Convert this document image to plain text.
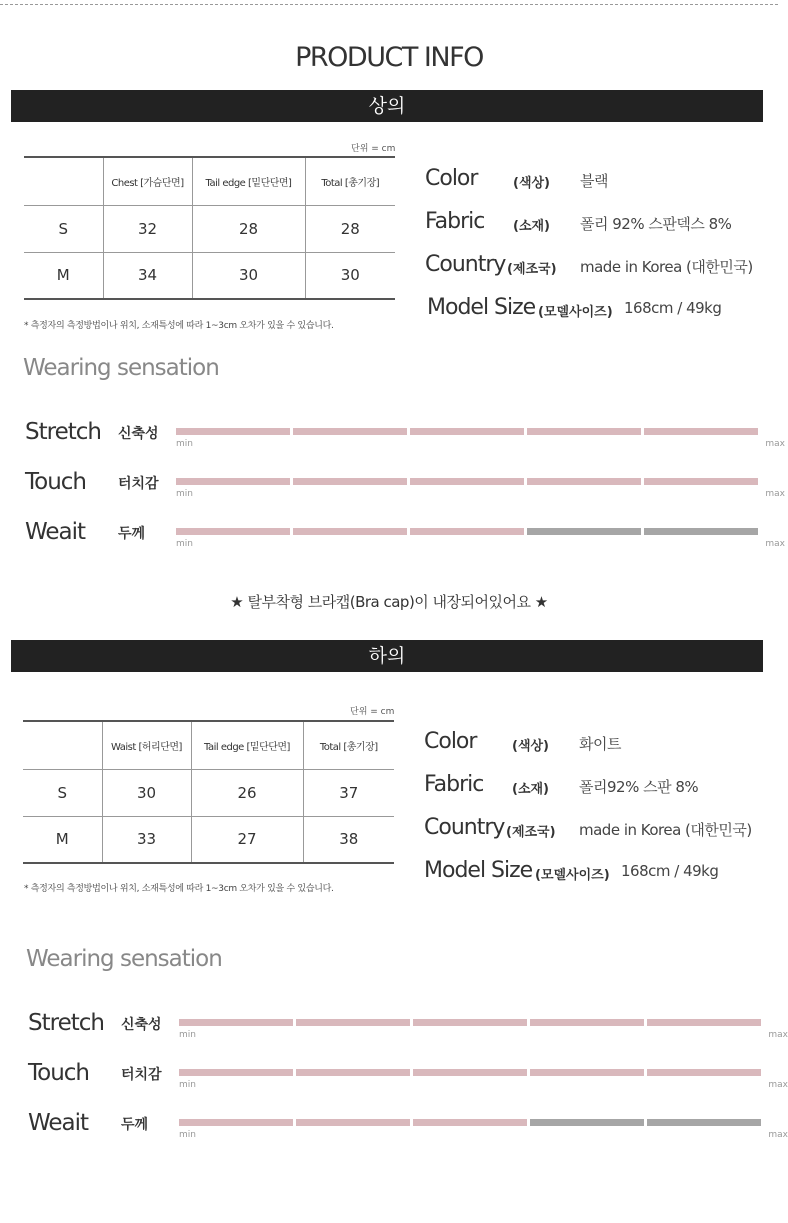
PRODUCT INFO
상의
단위 = cm
	Chest [가슴단면]	Tail edge [밑단단면]	Total [총기장]
S	32	28	28
M	34	30	30
* 측정자의 측정방법이나 위치, 소재특성에 따라 1~3cm 오차가 있을 수 있습니다.
Color	(색상) 블랙
Fabric (소재) 폴리 92% 스판덱스 8%
Country (제조국) made in Korea (대한민국)
Model Size (모델사이즈) 168cm / 49kg
Wearing sensation
Stretch 신축성
min	max
Touch 터치감
min	max
Weait 두께
min	max
★ 탈부착형 브라캡(Bra cap)이 내장되어있어요 ★
하의
단위 = cm
	Waist [허리단면]	Tail edge [밑단단면]	Total [총기장]
S	30	26	37
M	33	27	38
* 측정자의 측정방법이나 위치, 소재특성에 따라 1~3cm 오차가 있을 수 있습니다.
Color	(색상) 화이트
Fabric (소재) 폴리92% 스판 8%
Country (제조국) made in Korea (대한민국)
Model Size (모델사이즈) 168cm / 49kg
Wearing sensation
Stretch 신축성
min	max
Touch 터치감
min	max
Weait 두께
min	max
